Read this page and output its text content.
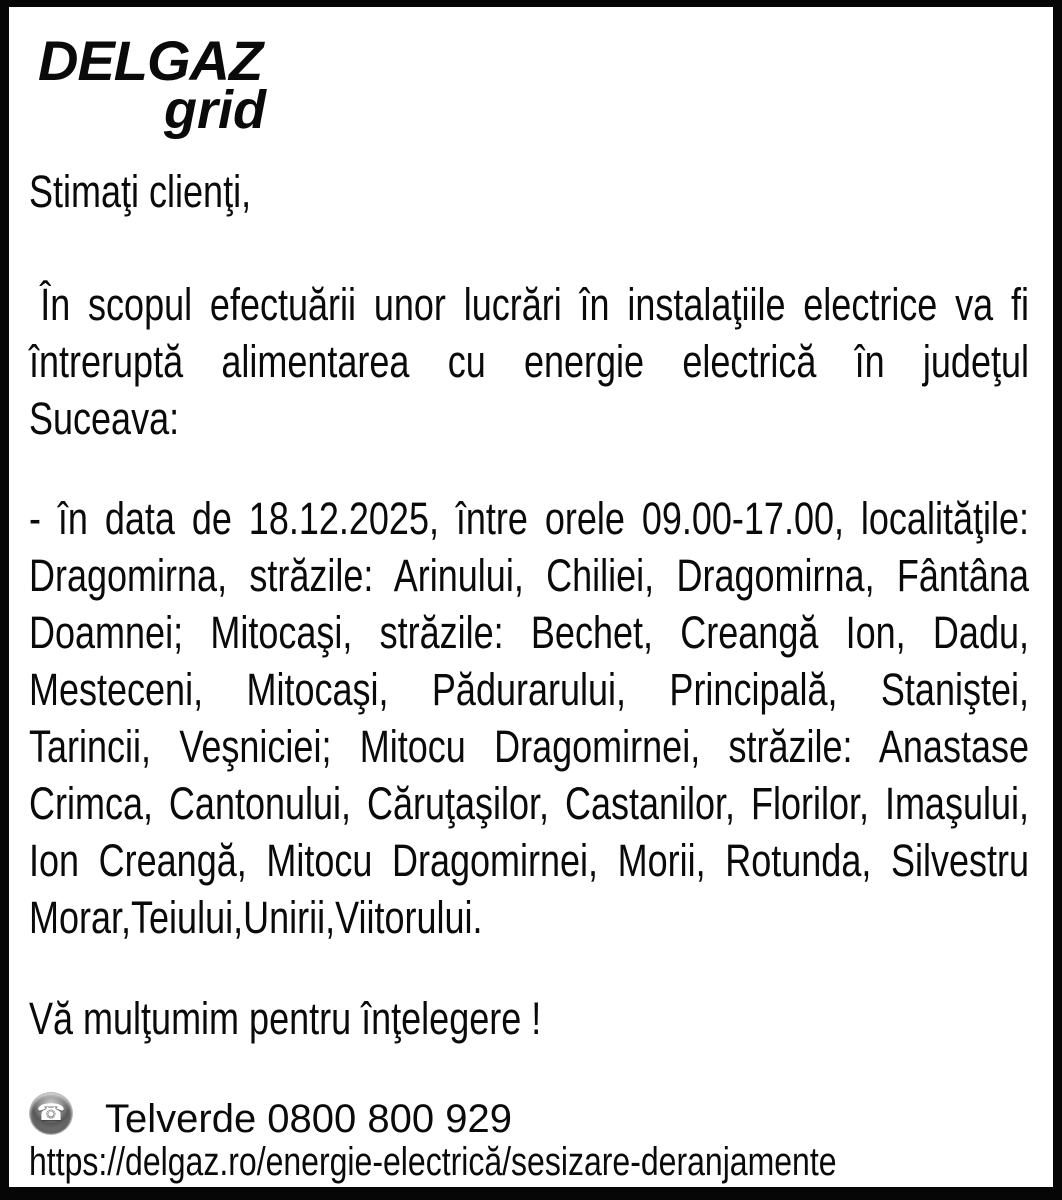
DELGAZ
grid
Stimaţi clienţi,
În scopul efectuării unor lucrări în instalaţiile electrice va fi
întreruptă alimentarea cu energie electrică în judeţul
Suceava:
- în data de 18.12.2025, între orele 09.00-17.00, localităţile:
Dragomirna, străzile: Arinului, Chiliei, Dragomirna, Fântâna
Doamnei; Mitocaşi, străzile: Bechet, Creangă Ion, Dadu,
Mesteceni, Mitocaşi, Pădurarului, Principală, Staniştei,
Tarincii, Veşniciei; Mitocu Dragomirnei, străzile: Anastase
Crimca, Cantonului, Căruţaşilor, Castanilor, Florilor, Imaşului,
Ion Creangă, Mitocu Dragomirnei, Morii, Rotunda, Silvestru
Morar,Teiului,Unirii,Viitorului.
Vă mulţumim pentru înţelegere !
☎ Telverde 0800 800 929
https://delgaz.ro/energie-electrică/sesizare-deranjamente
